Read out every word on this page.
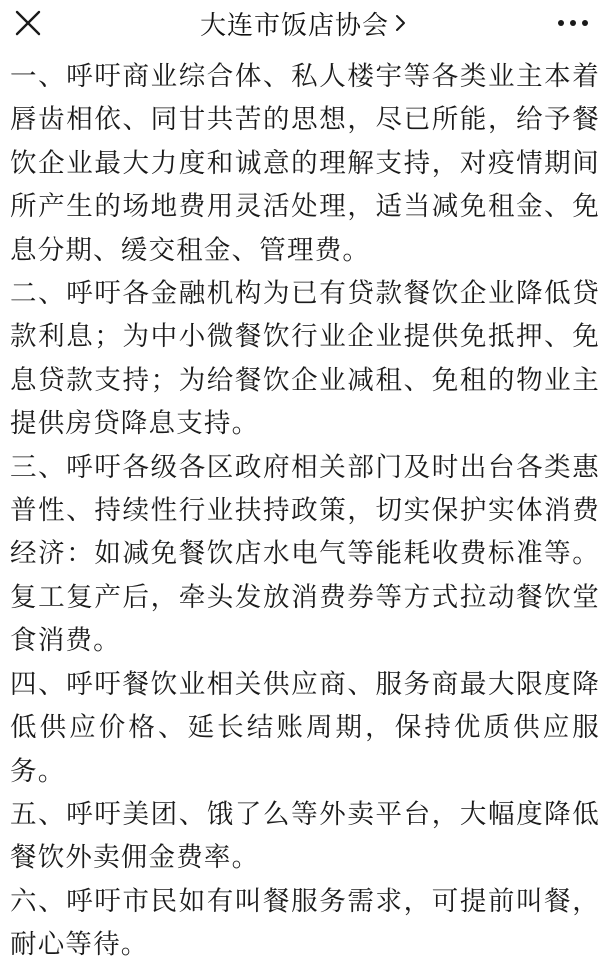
大连市饭店协会

一、呼吁商业综合体、私人楼宇等各类业主本着唇齿相依、同甘共苦的思想，尽已所能，给予餐饮企业最大力度和诚意的理解支持，对疫情期间所产生的场地费用灵活处理，适当减免租金、免息分期、缓交租金、管理费。

二、呼吁各金融机构为已有贷款餐饮企业降低贷款利息；为中小微餐饮行业企业提供免抵押、免息贷款支持；为给餐饮企业减租、免租的物业主提供房贷降息支持。

三、呼吁各级各区政府相关部门及时出台各类惠普性、持续性行业扶持政策，切实保护实体消费经济：如减免餐饮店水电气等能耗收费标准等。复工复产后，牵头发放消费券等方式拉动餐饮堂食消费。

四、呼吁餐饮业相关供应商、服务商最大限度降低供应价格、延长结账周期，保持优质供应服务。

五、呼吁美团、饿了么等外卖平台，大幅度降低餐饮外卖佣金费率。

六、呼吁市民如有叫餐服务需求，可提前叫餐，耐心等待。
